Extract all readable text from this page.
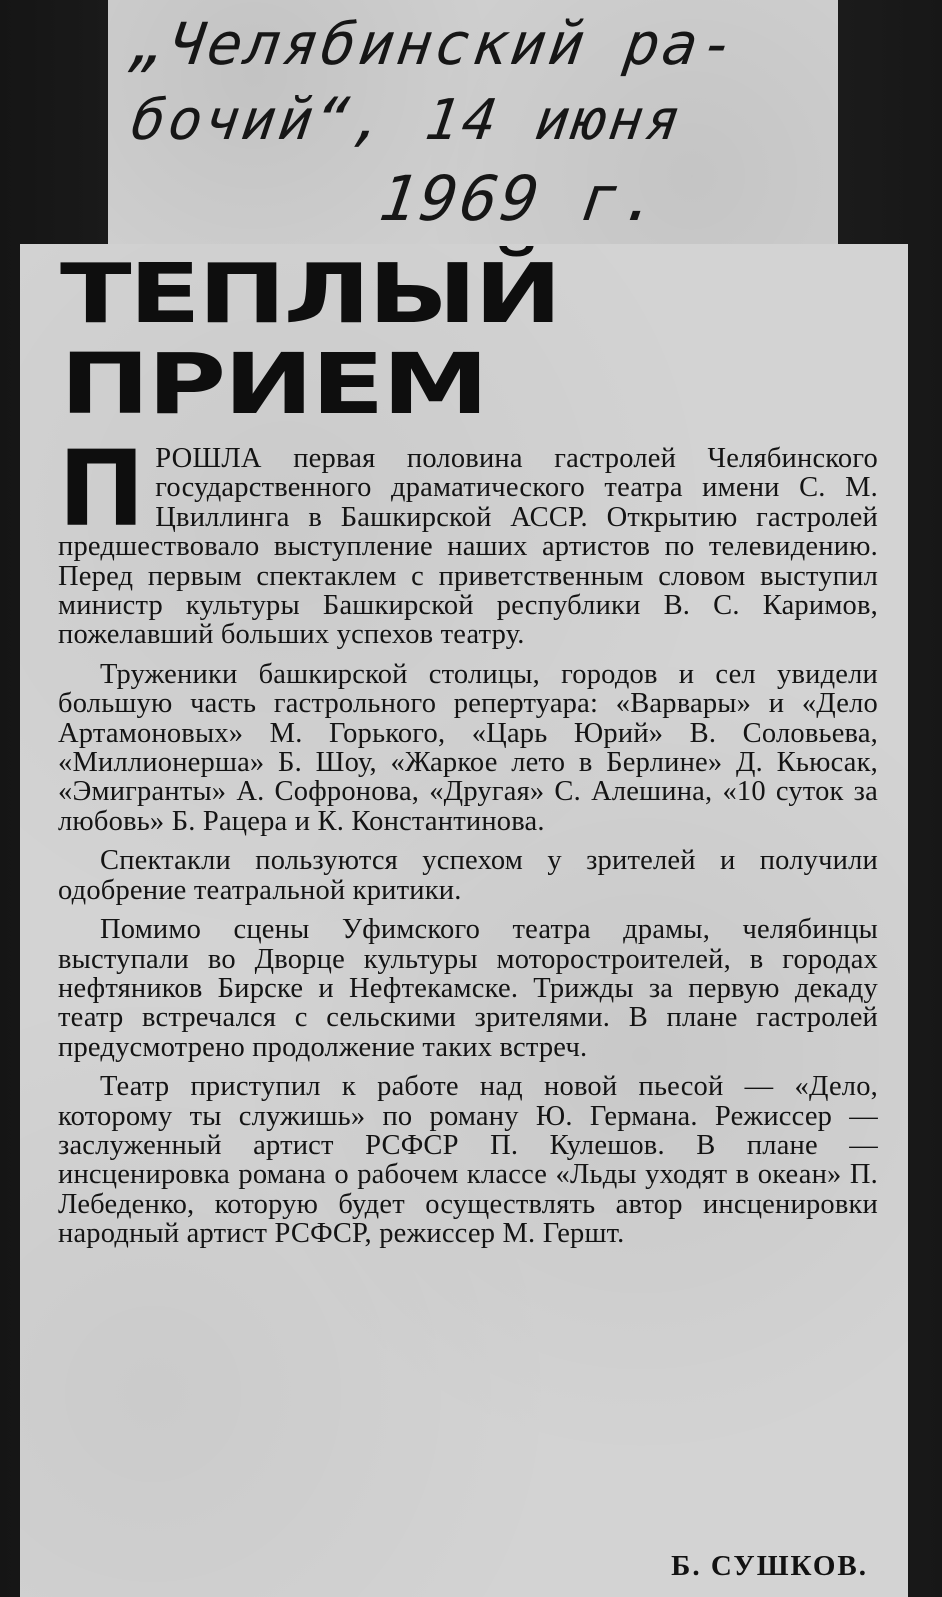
„Челябинский ра-
бочий“, 14 июня
1969 г.
ТЕПЛЫЙ
ПРИЕМ

ПРОШЛА первая половина гастролей Челябинского государственного драматического театра имени С. М. Цвиллинга в Башкирской АССР. Открытию гастролей предшествовало выступление наших артистов по телевидению. Перед первым спектаклем с приветственным словом выступил министр культуры Башкирской республики В. С. Каримов, пожелавший больших успехов театру.

Труженики башкирской столицы, городов и сел увидели большую часть гастрольного репертуара: «Варвары» и «Дело Артамоновых» М. Горького, «Царь Юрий» В. Соловьева, «Миллионерша» Б. Шоу, «Жаркое лето в Берлине» Д. Кьюсак, «Эмигранты» А. Софронова, «Другая» С. Алешина, «10 суток за любовь» Б. Рацера и К. Константинова.

Спектакли пользуются успехом у зрителей и получили одобрение театральной критики.

Помимо сцены Уфимского театра драмы, челябинцы выступали во Дворце культуры моторостроителей, в городах нефтяников Бирске и Нефтекамске. Трижды за первую декаду театр встречался с сельскими зрителями. В плане гастролей предусмотрено продолжение таких встреч.

Театр приступил к работе над новой пьесой — «Дело, которому ты служишь» по роману Ю. Германа. Режиссер — заслуженный артист РСФСР П. Кулешов. В плане — инсценировка романа о рабочем классе «Льды уходят в океан» П. Лебеденко, которую будет осуществлять автор инсценировки народный артист РСФСР, режиссер М. Гершт.

Б. СУШКОВ.
